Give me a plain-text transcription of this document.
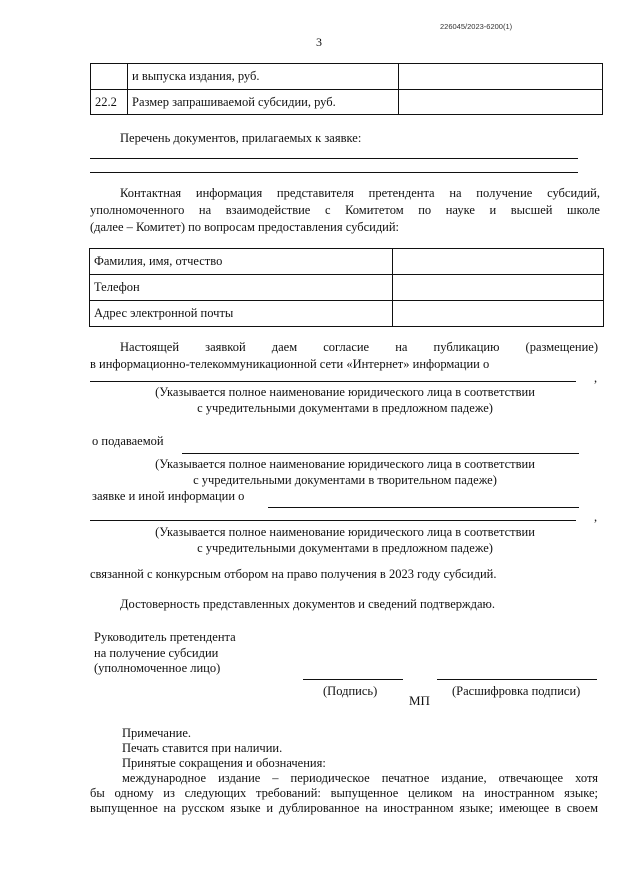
226045/2023-6200(1)
3
	и выпуска издания, руб.	
22.2	Размер запрашиваемой субсидии, руб.	
Перечень документов, прилагаемых к заявке:
Контактная информация представителя претендента на получение субсидий,
уполномоченного на взаимодействие с Комитетом по науке и высшей школе
(далее – Комитет) по вопросам предоставления субсидий:
Фамилия, имя, отчество	
Телефон	
Адрес электронной почты	
Настоящей заявкой даем согласие на публикацию (размещение)
в информационно-телекоммуникационной сети «Интернет» информации о
,
(Указывается полное наименование юридического лица в соответствии
с учредительными документами в предложном падеже)
о подаваемой
(Указывается полное наименование юридического лица в соответствии
с учредительными документами в творительном падеже)
заявке и иной информации о
,
(Указывается полное наименование юридического лица в соответствии
с учредительными документами в предложном падеже)
связанной с конкурсным отбором на право получения в 2023 году субсидий.
Достоверность представленных документов и сведений подтверждаю.
Руководитель претендента
на получение субсидии
(уполномоченное лицо)
(Подпись)
МП
(Расшифровка подписи)
Примечание.
Печать ставится при наличии.
Принятые сокращения и обозначения:
международное издание – периодическое печатное издание, отвечающее хотя
бы одному из следующих требований: выпущенное целиком на иностранном языке;
выпущенное на русском языке и дублированное на иностранном языке; имеющее в своем
